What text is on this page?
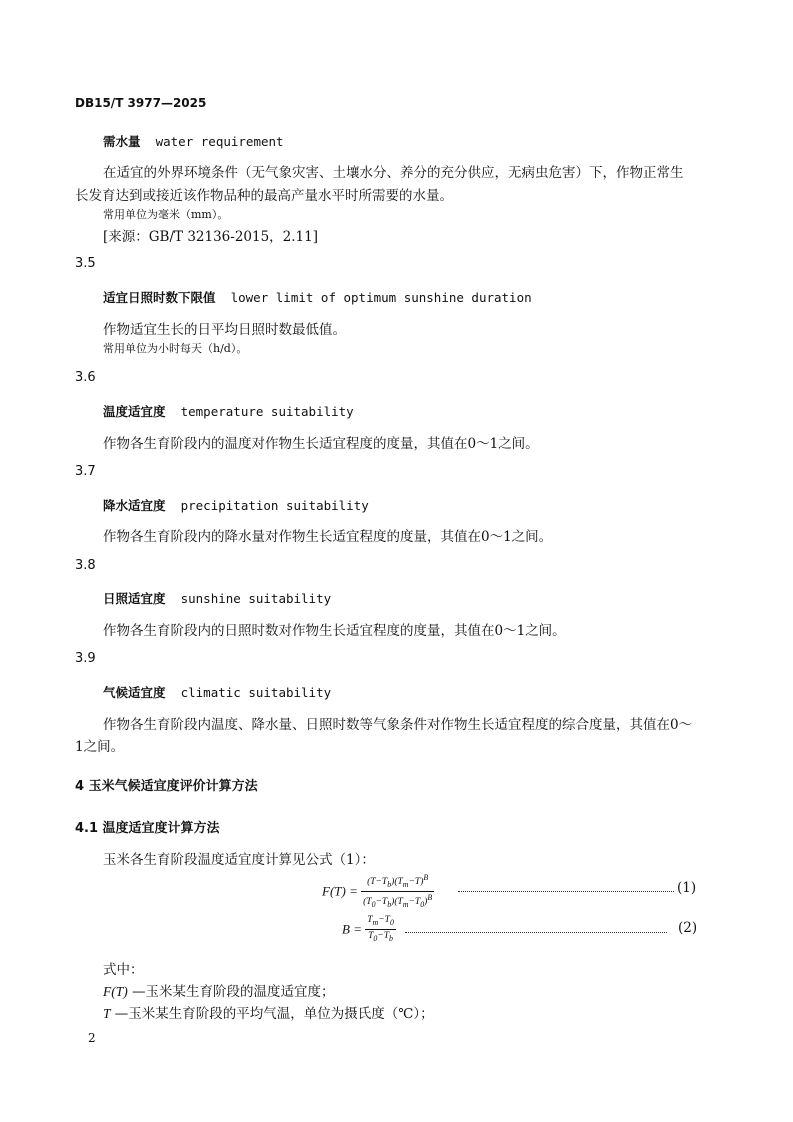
DB15/T 3977—2025
需水量 water requirement
在适宜的外界环境条件（无气象灾害、土壤水分、养分的充分供应，无病虫危害）下，作物正常生
长发育达到或接近该作物品种的最高产量水平时所需要的水量。
常用单位为毫米（mm）。
[来源：GB/T 32136-2015，2.11]
3.5
适宜日照时数下限值 lower limit of optimum sunshine duration
作物适宜生长的日平均日照时数最低值。
常用单位为小时每天（h/d）。
3.6
温度适宜度 temperature suitability
作物各生育阶段内的温度对作物生长适宜程度的度量，其值在0～1之间。
3.7
降水适宜度 precipitation suitability
作物各生育阶段内的降水量对作物生长适宜程度的度量，其值在0～1之间。
3.8
日照适宜度 sunshine suitability
作物各生育阶段内的日照时数对作物生长适宜程度的度量，其值在0～1之间。
3.9
气候适宜度 climatic suitability
作物各生育阶段内温度、降水量、日照时数等气象条件对作物生长适宜程度的综合度量，其值在0～
1之间。
4 玉米气候适宜度评价计算方法
4.1 温度适宜度计算方法
玉米各生育阶段温度适宜度计算见公式（1）：
$F(T) = \frac{(T-T_b)(T_m-T)^B}{(T_0-T_b)(T_m-T_0)^B}$	(1)
$B = \frac{T_m-T_0}{T_0-T_b}$	(2)
式中：
F(T) —玉米某生育阶段的温度适宜度；
T —玉米某生育阶段的平均气温，单位为摄氏度（℃）；
2
